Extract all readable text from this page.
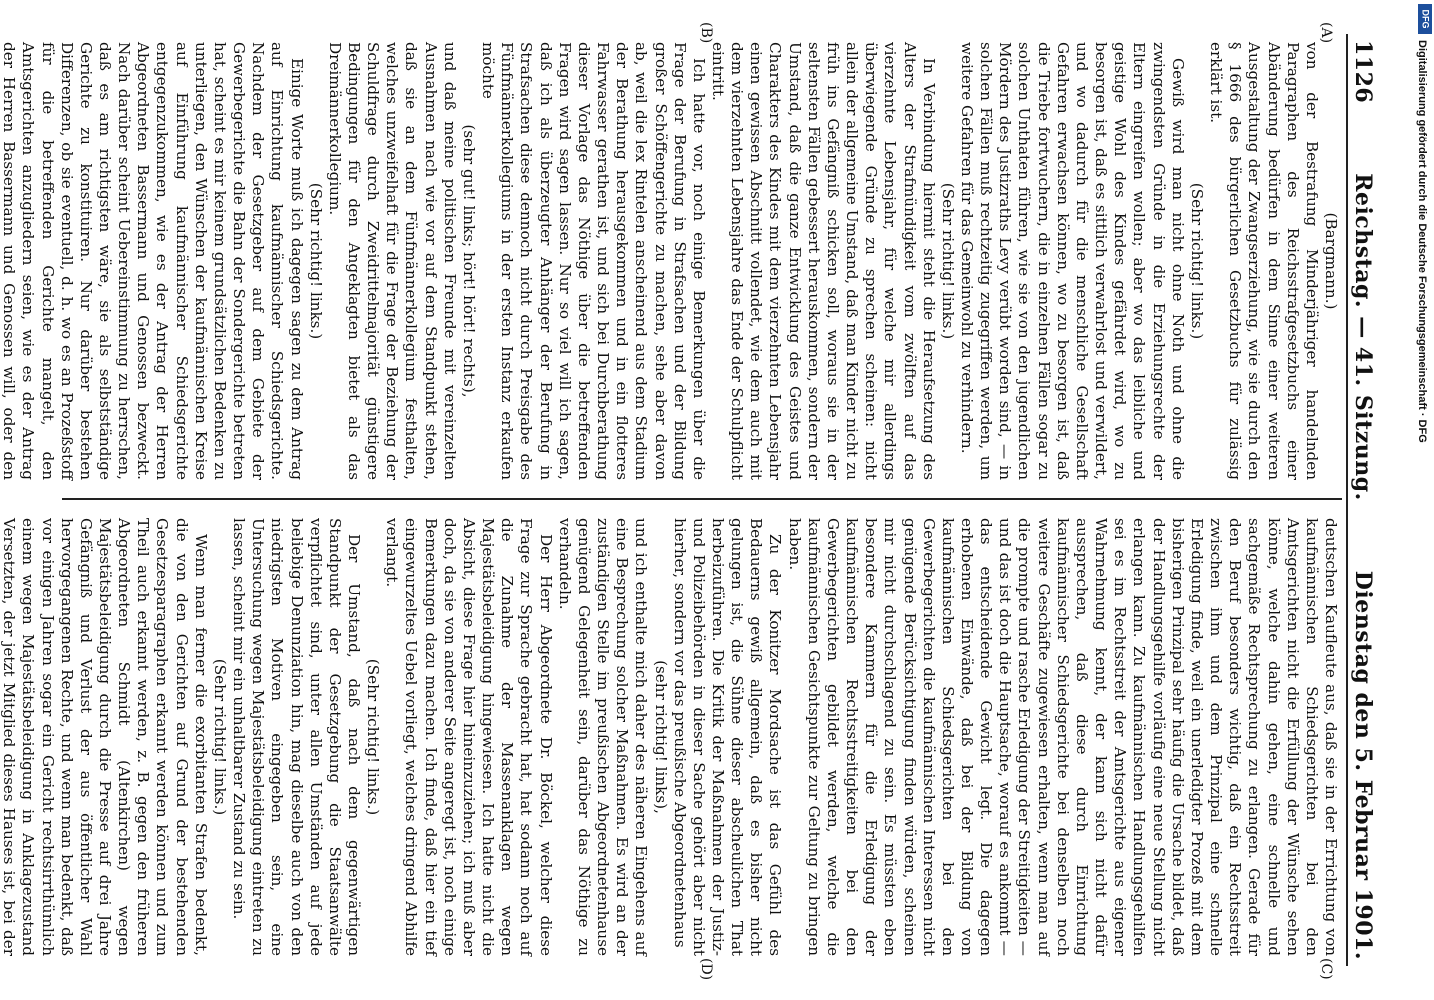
1126
Reichstag. — 41. Sitzung.
Dienstag den 5. Februar 1901.
(A)
(B)
(C)
(D)

(Bargmann.)

von der Bestrafung Minderjähriger handelnden Paragraphen des Reichsstrafgesetzbuchs einer Abänderung bedürfen in dem Sinne einer weiteren Ausgestaltung der Zwangserziehung, wie sie durch den § 1666 des bürgerlichen Gesetzbuchs für zulässig erklärt ist.

(Sehr richtig! links.)

Gewiß wird man nicht ohne Noth und ohne die zwingendsten Gründe in die Erziehungsrechte der Eltern eingreifen wollen; aber wo das leibliche und geistige Wohl des Kindes gefährdet wird, wo zu besorgen ist, daß es sittlich verwahrlost und verwildert, und wo dadurch für die menschliche Gesellschaft Gefahren erwachsen können, wo zu besorgen ist, daß die Triebe fortwuchern, die in einzelnen Fällen sogar zu solchen Unthaten führen, wie sie von den jugendlichen Mördern des Justizraths Levy verübt worden sind, — in solchen Fällen muß rechtzeitig zugegriffen werden, um weitere Gefahren für das Gemeinwohl zu verhindern.

(Sehr richtig! links.)

In Verbindung hiermit steht die Heraufsetzung des Alters der Strafmündigkeit vom zwölften auf das vierzehnte Lebensjahr, für welche mir allerdings überwiegende Gründe zu sprechen scheinen: nicht allein der allgemeine Umstand, daß man Kinder nicht zu früh ins Gefängniß schicken soll, woraus sie in der seltensten Fällen gebessert herauskommen, sondern der Umstand, daß die ganze Entwicklung des Geistes und Charakters des Kindes mit dem vierzehnten Lebensjahr einen gewissen Abschnitt vollendet, wie dem auch mit dem vierzehnten Lebensjahre das Ende der Schulpflicht eintritt.

Ich hatte vor, noch einige Bemerkungen über die Frage der Berufung in Strafsachen und der Bildung großer Schöffengerichte zu machen, sehe aber davon ab, weil die lex Rintelen anscheinend aus dem Stadium der Berathung herausgekommen und in ein flotteres Fahrwasser gerathen ist, und sich bei Durchberathung dieser Vorlage das Nöthige über die betreffenden Fragen wird sagen lassen. Nur so viel will ich sagen, daß ich als überzeugter Anhänger der Berufung in Strafsachen diese dennoch nicht durch Preisgabe des Fünfmännerkollegiums in der ersten Instanz erkaufen möchte

(sehr gut! links; hört! hört! rechts),

und daß meine politischen Freunde mit vereinzelten Ausnahmen nach wie vor auf dem Standpunkt stehen, daß sie an dem Fünfmännerkollegium festhalten, welches unzweifelhaft für die Frage der Beziehung der Schuldfrage durch Zweidrittelmajorität günstigere Bedingungen für den Angeklagten bietet als das Dreimännerkollegium.

(Sehr richtig! links.)

Einige Worte muß ich dagegen sagen zu dem Antrag auf Einrichtung kaufmännischer Schiedsgerichte. Nachdem der Gesetzgeber auf dem Gebiete der Gewerbegerichte die Bahn der Sondergerichte betreten hat, scheint es mir keinem grundsätzlichen Bedenken zu unterliegen, den Wünschen der kaufmännischen Kreise auf Einführung kaufmännischer Schiedsgerichte entgegenzukommen, wie es der Antrag der Herren Abgeordneten Bassermann und Genossen bezweckt. Nach darüber scheint Uebereinstimmung zu herrschen, daß es am richtigsten wäre, sie als selbstständige Gerichte zu konstituiren. Nur darüber bestehen Differenzen, ob sie eventuell, d. h. wo es an Prozeßstoff für die betreffenden Gerichte mangelt, den Amtsgerichten anzugliedern seien, wie es der Antrag der Herren Bassermann und Genossen will, oder den

deutschen Kaufleute aus, daß sie in der Errichtung von kaufmännischen Schiedsgerichten bei den Amtsgerichten nicht die Erfüllung der Wünsche sehen könne, welche dahin gehen, eine schnelle und sachgemäße Rechtsprechung zu erlangen. Gerade für den Beruf besonders wichtig, daß ein Rechtsstreit zwischen ihm und dem Prinzipal eine schnelle Erledigung finde, weil ein unerledigter Prozeß mit dem bisherigen Prinzipal sehr häufig die Ursache bildet, daß der Handlungsgehilfe vorläufig eine neue Stellung nicht erlangen kann. Zu kaufmännischen Handlungsgehilfen sei es im Rechtsstreit der Amtsgerichte aus eigener Wahrnehmung kennt, der kann sich nicht dafür aussprechen, daß diese durch Einrichtung kaufmännischer Schiedsgerichte bei denselben noch weitere Geschäfte zugewiesen erhalten, wenn man auf die prompte und rasche Erledigung der Streitigkeiten — und das ist doch die Hauptsache, worauf es ankommt — das entscheidende Gewicht legt. Die dagegen erhobenen Einwände, daß bei der Bildung von kaufmännischen Schiedsgerichten bei den Gewerbegerichten die kaufmännischen Interessen nicht genügende Berücksichtigung finden würden, scheinen mir nicht durchschlagend zu sein. Es müssten eben besondere Kammern für die Erledigung der kaufmännischen Rechtsstreitigkeiten bei den Gewerbegerichten gebildet werden, welche die kaufmännischen Gesichtspunkte zur Geltung zu bringen haben.

Zu der Konitzer Mordsache ist das Gefühl des Bedauerns gewiß allgemein, daß es bisher nicht gelungen ist, die Sühne dieser abscheulichen That herbeizuführen. Die Kritik der Maßnahmen der Justiz- und Polizeibehörden in dieser Sache gehört aber nicht hierher, sondern vor das preußische Abgeordnetenhaus

(sehr richtig! links),

und ich enthalte mich daher des näheren Eingehens auf eine Besprechung solcher Maßnahmen. Es wird an der zuständigen Stelle im preußischen Abgeordnetenhause genügend Gelegenheit sein, darüber das Nöthige zu verhandeln.

Der Herr Abgeordnete Dr. Böckel, welcher diese Frage zur Sprache gebracht hat, hat sodann noch auf die Zunahme der Massenanklagen wegen Majestätsbeleidigung hingewiesen. Ich hatte nicht die Absicht, diese Frage hier hineinzuziehen; ich muß aber doch, da sie von anderer Seite angeregt ist, noch einige Bemerkungen dazu machen. Ich finde, daß hier ein tief eingewurzeltes Uebel vorliegt, welches dringend Abhilfe verlangt.

(Sehr richtig! links.)

Der Umstand, daß nach dem gegenwärtigen Standpunkt der Gesetzgebung die Staatsanwälte verpflichtet sind, unter allen Umständen auf jede beliebige Denunziation hin, mag dieselbe auch von den niedrigsten Motiven eingegeben sein, eine Untersuchung wegen Majestätsbeleidigung eintreten zu lassen, scheint mir ein unhaltbarer Zustand zu sein.

(Sehr richtig! links.)

Wenn man ferner die exorbitanten Strafen bedenkt, die von den Gerichten auf Grund der bestehenden Gesetzesparagraphen erkannt werden können und zum Theil auch erkannt werden, z. B. gegen den früheren Abgeordneten Schmidt (Altenkirchen) wegen Majestätsbeleidigung durch die Presse auf drei Jahre Gefängniß und Verlust der aus öffentlicher Wahl hervorgegangenen Rechte, und wenn man bedenkt, daß vor einigen Jahren sogar ein Gericht rechtsirrthümlich einem wegen Majestätsbeleidigung in Anklagezustand Versetzten, der jetzt Mitglied dieses Hauses ist, bei der

DFG
Digitalisierung gefördert durch die Deutsche Forschungsgemeinschaft · DFG
